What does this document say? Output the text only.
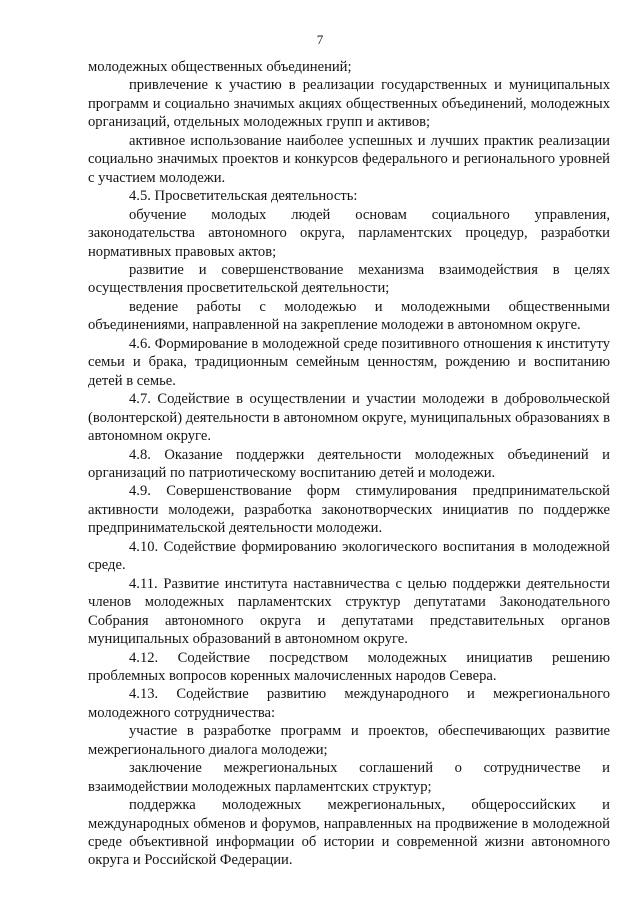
7

молодежных общественных объединений;

привлечение к участию в реализации государственных и муниципальных программ и социально значимых акциях общественных объединений, молодежных организаций, отдельных молодежных групп и активов;

активное использование наиболее успешных и лучших практик реализации социально значимых проектов и конкурсов федерального и регионального уровней с участием молодежи.

4.5. Просветительская деятельность:

обучение молодых людей основам социального управления, законодательства автономного округа, парламентских процедур, разработки нормативных правовых актов;

развитие и совершенствование механизма взаимодействия в целях осуществления просветительской деятельности;

ведение работы с молодежью и молодежными общественными объединениями, направленной на закрепление молодежи в автономном округе.

4.6. Формирование в молодежной среде позитивного отношения к институту семьи и брака, традиционным семейным ценностям, рождению и воспитанию детей в семье.

4.7. Содействие в осуществлении и участии молодежи в добровольческой (волонтерской) деятельности в автономном округе, муниципальных образованиях в автономном округе.

4.8. Оказание поддержки деятельности молодежных объединений и организаций по патриотическому воспитанию детей и молодежи.

4.9. Совершенствование форм стимулирования предпринимательской активности молодежи, разработка законотворческих инициатив по поддержке предпринимательской деятельности молодежи.

4.10. Содействие формированию экологического воспитания в молодежной среде.

4.11. Развитие института наставничества с целью поддержки деятельности членов молодежных парламентских структур депутатами Законодательного Собрания автономного округа и депутатами представительных органов муниципальных образований в автономном округе.

4.12. Содействие посредством молодежных инициатив решению проблемных вопросов коренных малочисленных народов Севера.

4.13. Содействие развитию международного и межрегионального молодежного сотрудничества:

участие в разработке программ и проектов, обеспечивающих развитие межрегионального диалога молодежи;

заключение межрегиональных соглашений о сотрудничестве и взаимодействии молодежных парламентских структур;

поддержка молодежных межрегиональных, общероссийских и международных обменов и форумов, направленных на продвижение в молодежной среде объективной информации об истории и современной жизни автономного округа и Российской Федерации.
